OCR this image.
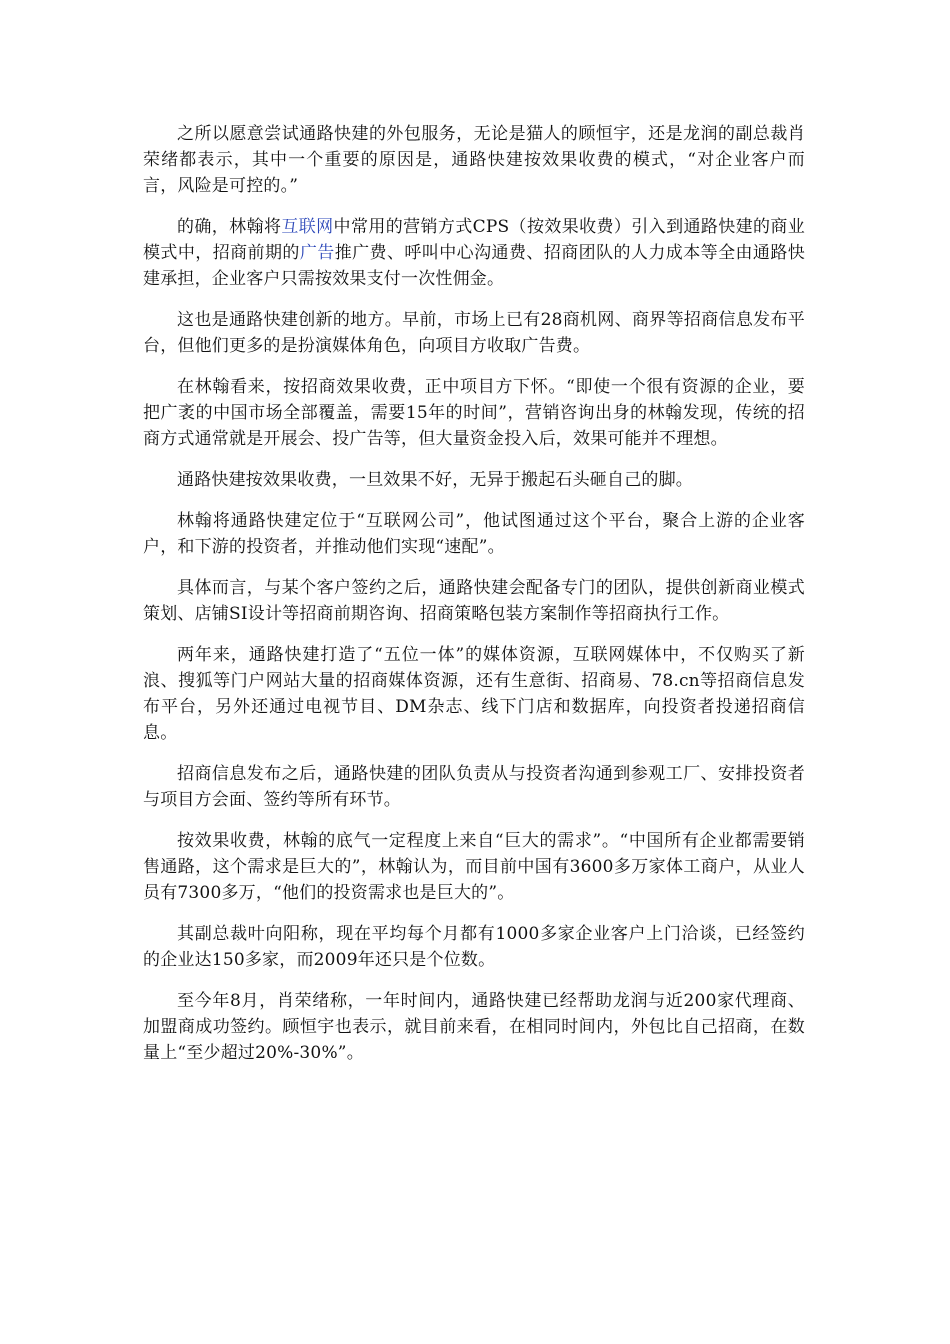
之所以愿意尝试通路快建的外包服务，无论是猫人的顾恒宇，还是龙润的副总裁肖荣绪都表示，其中一个重要的原因是，通路快建按效果收费的模式，“对企业客户而言，风险是可控的。”

的确，林翰将互联网中常用的营销方式CPS（按效果收费）引入到通路快建的商业模式中，招商前期的广告推广费、呼叫中心沟通费、招商团队的人力成本等全由通路快建承担，企业客户只需按效果支付一次性佣金。

这也是通路快建创新的地方。早前，市场上已有28商机网、商界等招商信息发布平台，但他们更多的是扮演媒体角色，向项目方收取广告费。

在林翰看来，按招商效果收费，正中项目方下怀。“即使一个很有资源的企业，要把广袤的中国市场全部覆盖，需要15年的时间”，营销咨询出身的林翰发现，传统的招商方式通常就是开展会、投广告等，但大量资金投入后，效果可能并不理想。

通路快建按效果收费，一旦效果不好，无异于搬起石头砸自己的脚。

林翰将通路快建定位于“互联网公司”，他试图通过这个平台，聚合上游的企业客户，和下游的投资者，并推动他们实现“速配”。

具体而言，与某个客户签约之后，通路快建会配备专门的团队，提供创新商业模式策划、店铺SI设计等招商前期咨询、招商策略包装方案制作等招商执行工作。

两年来，通路快建打造了“五位一体”的媒体资源，互联网媒体中，不仅购买了新浪、搜狐等门户网站大量的招商媒体资源，还有生意街、招商易、78.cn等招商信息发布平台，另外还通过电视节目、DM杂志、线下门店和数据库，向投资者投递招商信息。

招商信息发布之后，通路快建的团队负责从与投资者沟通到参观工厂、安排投资者与项目方会面、签约等所有环节。

按效果收费，林翰的底气一定程度上来自“巨大的需求”。“中国所有企业都需要销售通路，这个需求是巨大的”，林翰认为，而目前中国有3600多万家体工商户，从业人员有7300多万，“他们的投资需求也是巨大的”。

其副总裁叶向阳称，现在平均每个月都有1000多家企业客户上门洽谈，已经签约的企业达150多家，而2009年还只是个位数。

至今年8月，肖荣绪称，一年时间内，通路快建已经帮助龙润与近200家代理商、加盟商成功签约。顾恒宇也表示，就目前来看，在相同时间内，外包比自己招商，在数量上“至少超过20%-30%”。
